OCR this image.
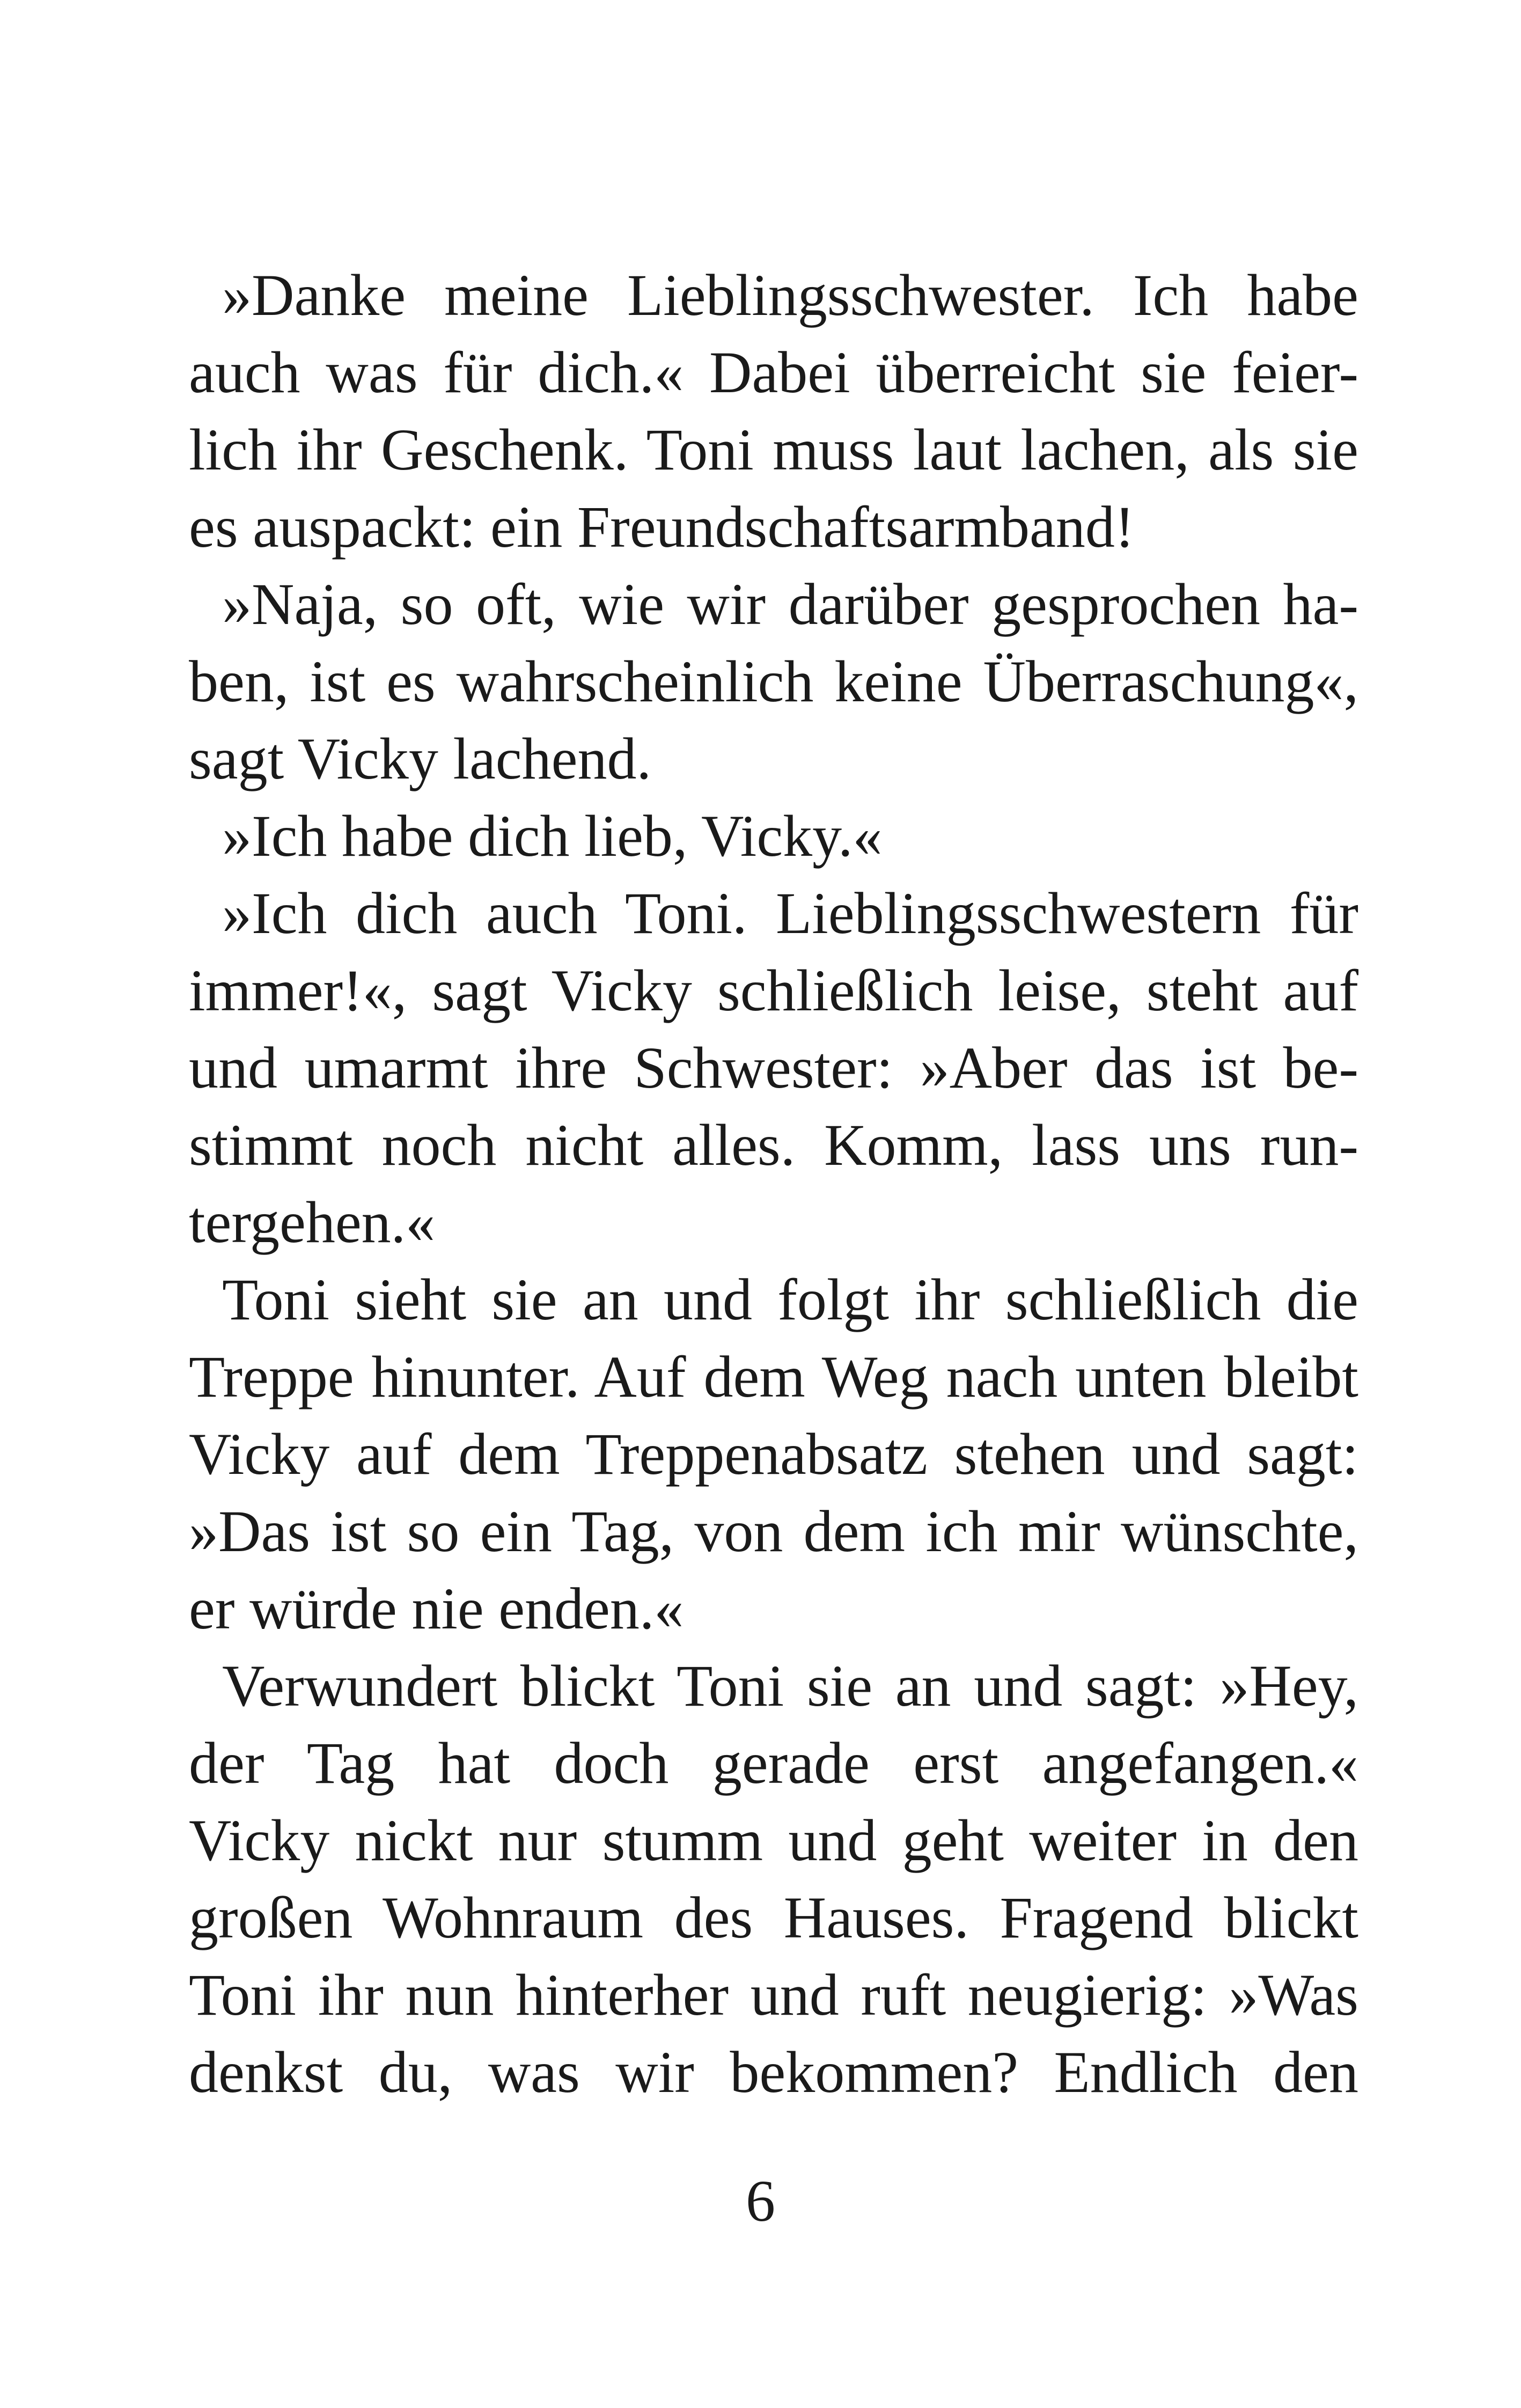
»Danke meine Lieblingsschwester. Ich habe
auch was für dich.« Dabei überreicht sie feier-
lich ihr Geschenk. Toni muss laut lachen, als sie
es auspackt: ein Freundschaftsarmband!
»Naja, so oft, wie wir darüber gesprochen ha-
ben, ist es wahrscheinlich keine Überraschung«,
sagt Vicky lachend.
»Ich habe dich lieb, Vicky.«
»Ich dich auch Toni. Lieblingsschwestern für
immer!«, sagt Vicky schließlich leise, steht auf
und umarmt ihre Schwester: »Aber das ist be-
stimmt noch nicht alles. Komm, lass uns run-
tergehen.«
Toni sieht sie an und folgt ihr schließlich die
Treppe hinunter. Auf dem Weg nach unten bleibt
Vicky auf dem Treppenabsatz stehen und sagt:
»Das ist so ein Tag, von dem ich mir wünschte,
er würde nie enden.«
Verwundert blickt Toni sie an und sagt: »Hey,
der Tag hat doch gerade erst angefangen.«
Vicky nickt nur stumm und geht weiter in den
großen Wohnraum des Hauses. Fragend blickt
Toni ihr nun hinterher und ruft neugierig: »Was
denkst du, was wir bekommen? Endlich den
6
